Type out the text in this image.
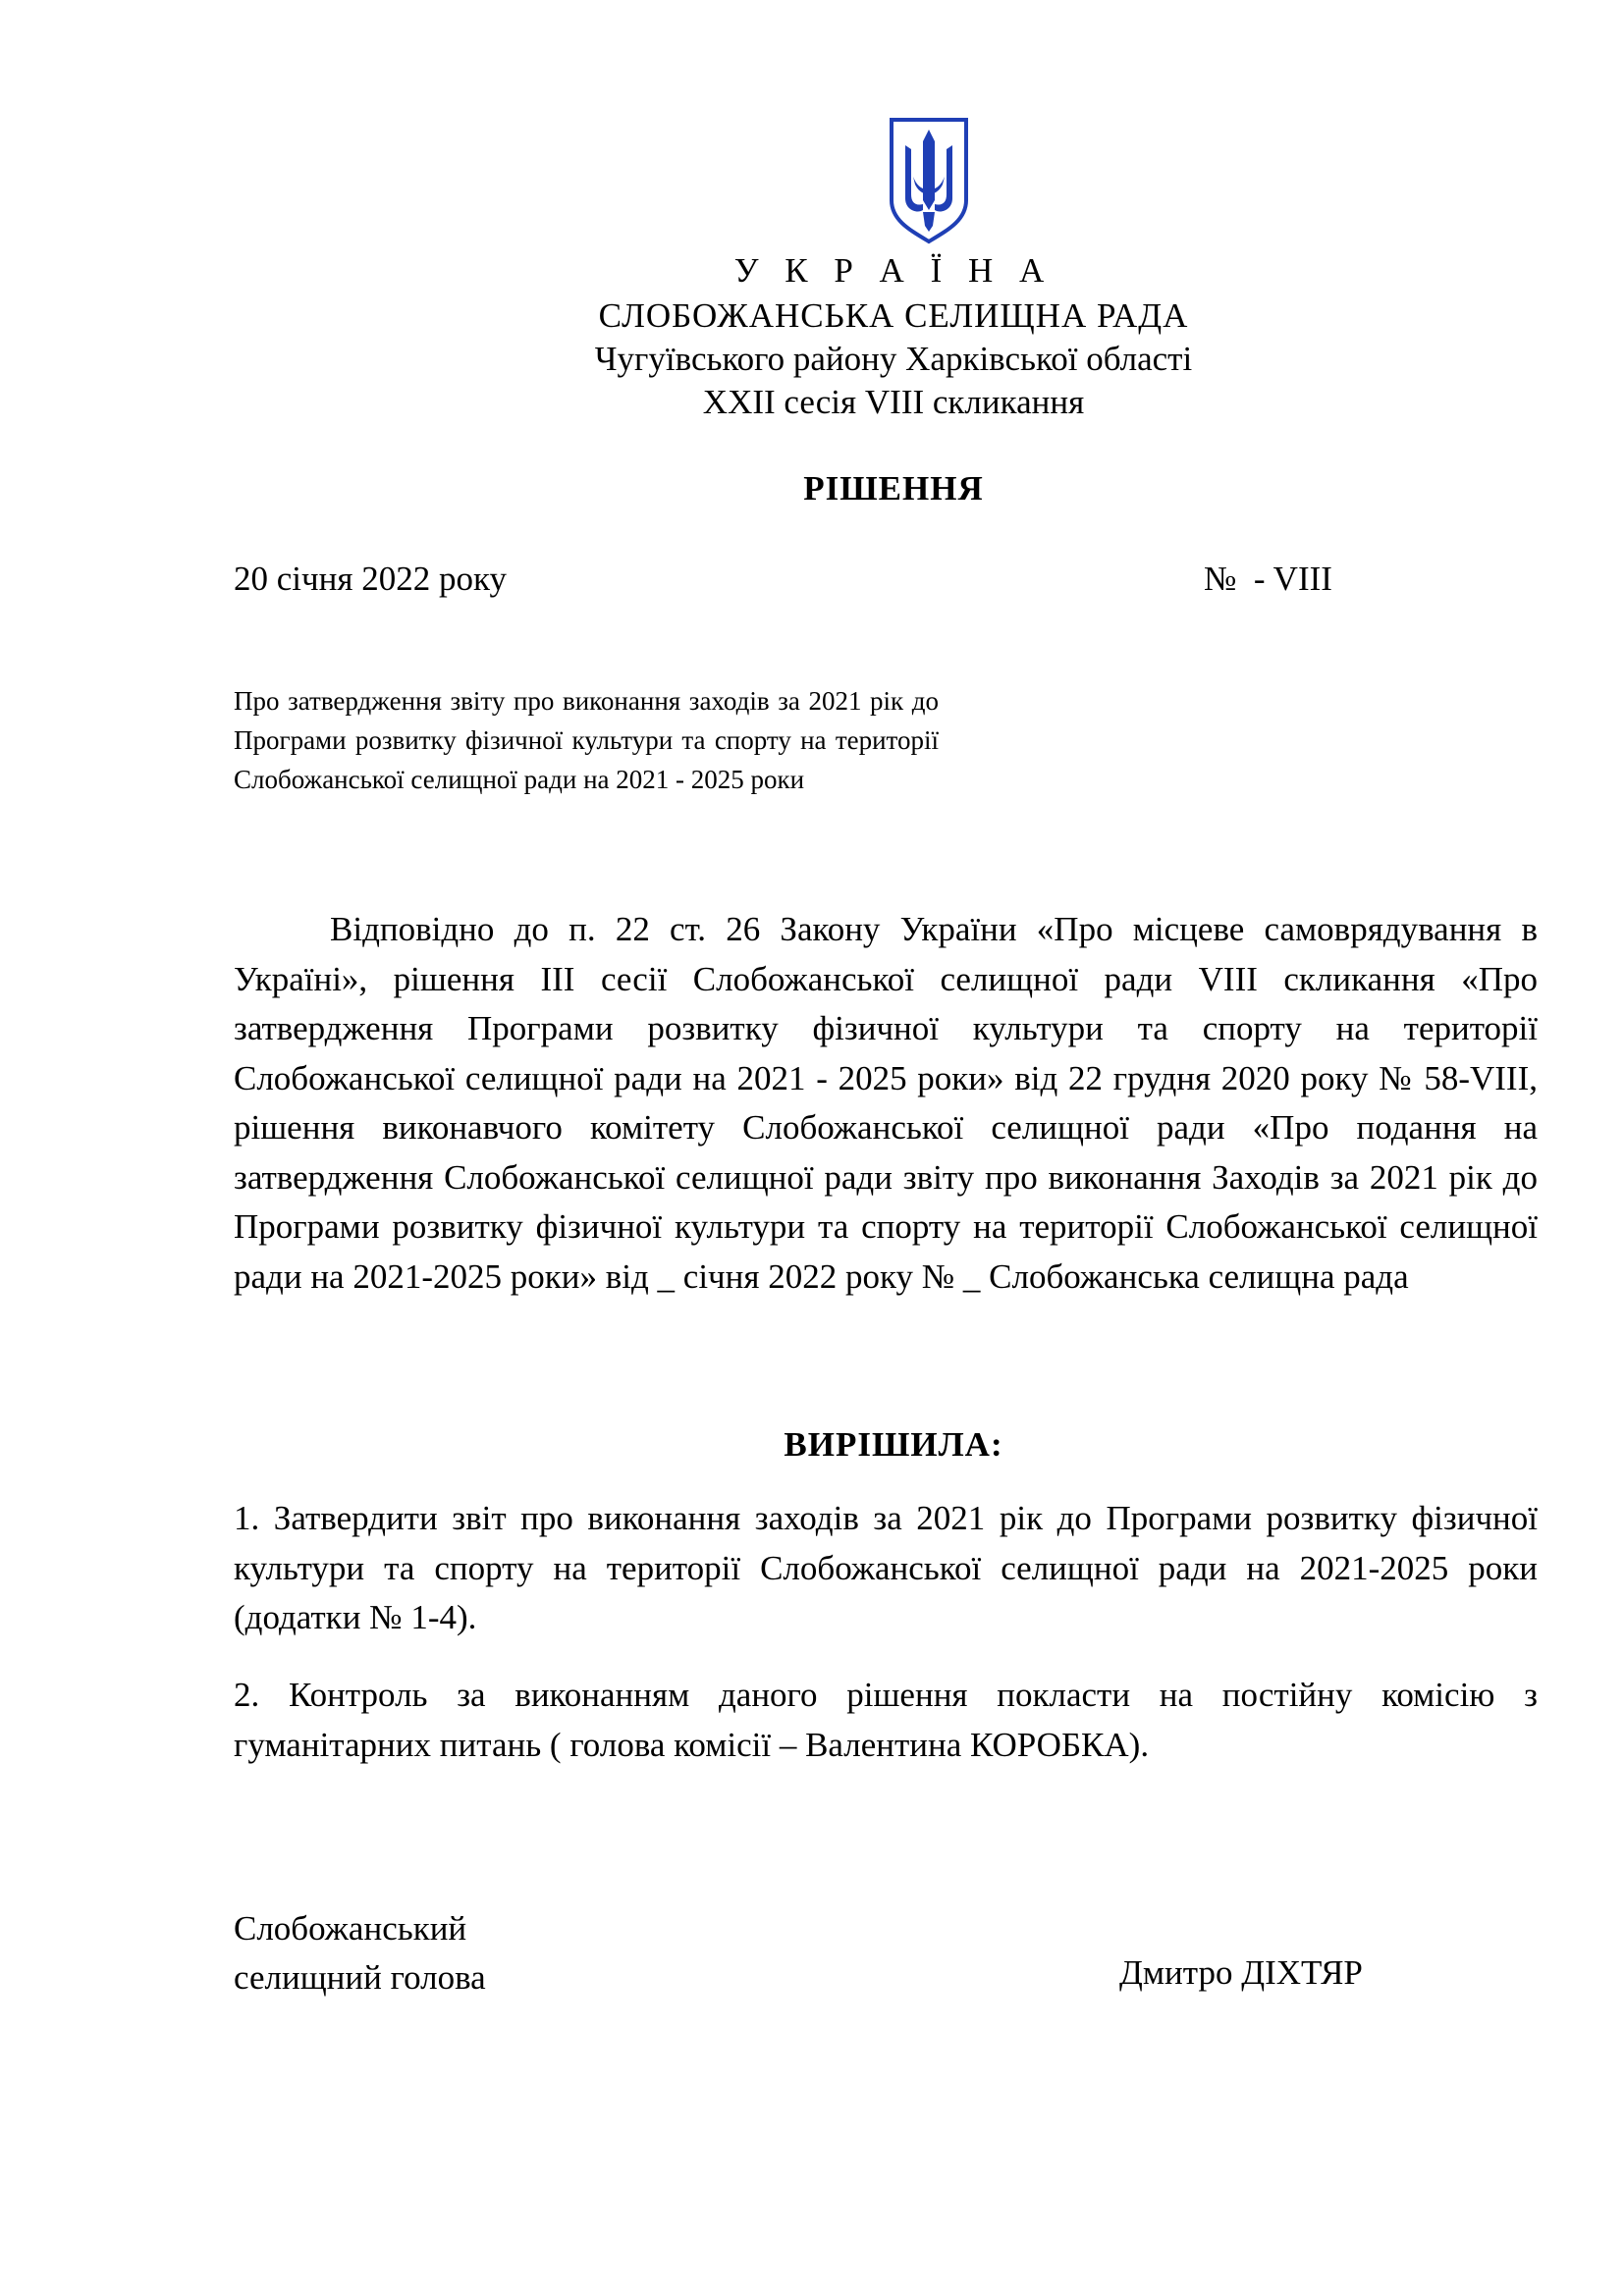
У К Р А Ї Н А
СЛОБОЖАНСЬКА СЕЛИЩНА РАДА
Чугуївського району Харківської області
XXII сесія VIII скликання
РІШЕННЯ
20 січня 2022 року	№  - VIII
Про затвердження звіту про виконання заходів за 2021 рік до Програми розвитку фізичної культури та спорту на території Слобожанської селищної ради на 2021 - 2025 роки
Відповідно до п. 22 ст. 26 Закону України «Про місцеве самоврядування в Україні», рішення ІІІ сесії Слобожанської селищної ради VIII скликання «Про затвердження Програми розвитку фізичної культури та спорту на території Слобожанської селищної ради на 2021 - 2025 роки» від 22 грудня 2020 року № 58-VIII, рішення виконавчого комітету Слобожанської селищної ради «Про подання на затвердження Слобожанської селищної ради звіту про виконання Заходів за 2021 рік до Програми розвитку фізичної культури та спорту на території Слобожанської селищної ради на 2021-2025 роки» від _ січня 2022 року № _ Слобожанська селищна рада
ВИРІШИЛА:
1. Затвердити звіт про виконання заходів за 2021 рік до Програми розвитку фізичної культури та спорту на території Слобожанської селищної ради на 2021-2025 роки (додатки № 1-4).
2. Контроль за виконанням даного рішення покласти на постійну комісію з гуманітарних питань ( голова комісії – Валентина КОРОБКА).
Слобожанський
селищний голова	Дмитро ДІХТЯР
